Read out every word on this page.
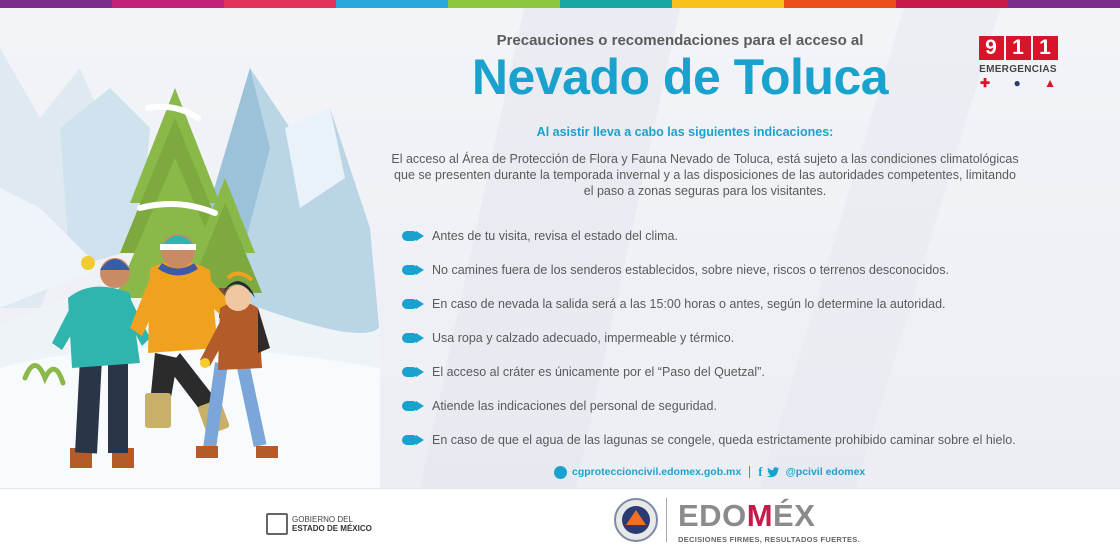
Precauciones o recomendaciones para el acceso al
Nevado de Toluca
Al asistir lleva a cabo las siguientes indicaciones:
El acceso al Área de Protección de Flora y Fauna Nevado de Toluca, está sujeto a las condiciones climatológicas que se presenten durante la temporada invernal y a las disposiciones de las autoridades competentes, limitando el paso a zonas seguras para los visitantes.
Antes de tu visita, revisa el estado del clima.
No camines fuera de los senderos establecidos, sobre nieve, riscos o terrenos desconocidos.
En caso de nevada la salida será a las 15:00 horas o antes, según lo determine la autoridad.
Usa ropa y calzado adecuado, impermeable y térmico.
El acceso al cráter es únicamente por el “Paso del Quetzal”.
Atiende las indicaciones del personal de seguridad.
En caso de que el agua de las lagunas se congele, queda estrictamente prohibido caminar sobre el hielo.
cgproteccioncivil.edomex.gob.mx f @pcivil edomex
9 1 1
EMERGENCIAS
✚ ● ▲
GOBIERNO DEL
ESTADO DE MÉXICO	EDOMÉX
DECISIONES FIRMES, RESULTADOS FUERTES.
